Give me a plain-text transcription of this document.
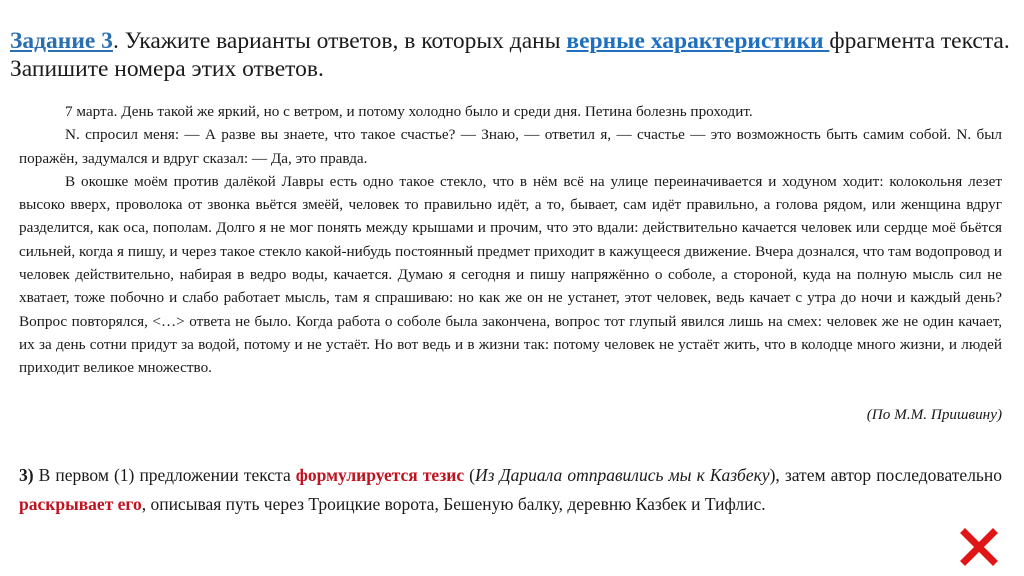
Задание 3. Укажите варианты ответов, в которых даны верные характеристики фрагмента текста. Запишите номера этих ответов.

7 марта. День такой же яркий, но с ветром, и потому холодно было и среди дня. Петина болезнь проходит.

N. спросил меня: — А разве вы знаете, что такое счастье? — Знаю, — ответил я, — счастье — это возможность быть самим собой. N. был поражён, задумался и вдруг сказал: — Да, это правда.

В окошке моём против далёкой Лавры есть одно такое стекло, что в нём всё на улице переиначивается и ходуном ходит: колокольня лезет высоко вверх, проволока от звонка вьётся змеёй, человек то правильно идёт, а то, бывает, сам идёт правильно, а голова рядом, или женщина вдруг разделится, как оса, пополам. Долго я не мог понять между крышами и прочим, что это вдали: действительно качается человек или сердце моё бьётся сильней, когда я пишу, и через такое стекло какой-нибудь постоянный предмет приходит в кажущееся движение. Вчера дознался, что там водопровод и человек действительно, набирая в ведро воды, качается. Думаю я сегодня и пишу напряжённо о соболе, а стороной, куда на полную мысль сил не хватает, тоже побочно и слабо работает мысль, там я спрашиваю: но как же он не устанет, этот человек, ведь качает с утра до ночи и каждый день? Вопрос повторялся, <…> ответа не было. Когда работа о соболе была закончена, вопрос тот глупый явился лишь на смех: человек же не один качает, их за день сотни придут за водой, потому и не устаёт. Но вот ведь и в жизни так: потому человек не устаёт жить, что в колодце много жизни, и людей приходит великое множество.

(По М.М. Пришвину)
3) В первом (1) предложении текста формулируется тезис (Из Дариала отправились мы к Казбеку), затем автор последовательно раскрывает его, описывая путь через Троицкие ворота, Бешеную балку, деревню Казбек и Тифлис.
